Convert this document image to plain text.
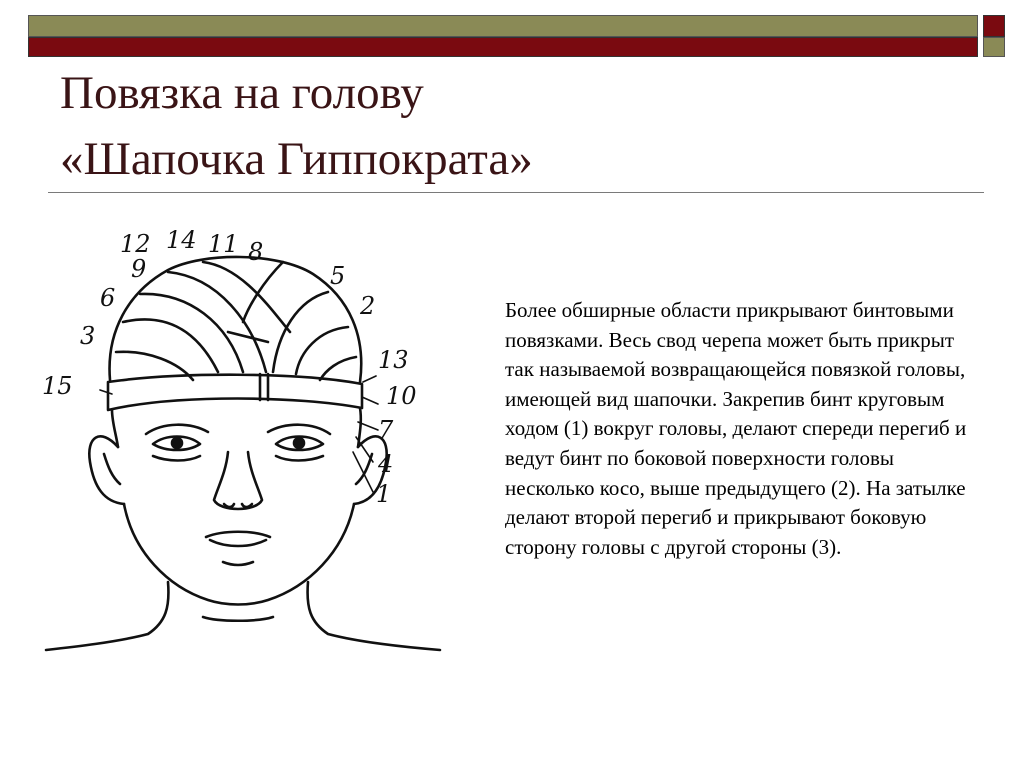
Повязка на голову
«Шапочка Гиппократа»
12 14 11 8
9	5
6	2
3
13
15	10
7
4
1

Более обширные области прикрывают бинтовыми повязками. Весь свод черепа может быть прикрыт так называемой возвращающейся повязкой головы, имеющей вид шапочки. Закрепив бинт круговым ходом (1) вокруг головы, делают спереди перегиб и ведут бинт по боковой поверхности головы несколько косо, выше предыдущего (2). На затылке делают второй перегиб и прикрывают боковую сторону головы с другой стороны (3).
